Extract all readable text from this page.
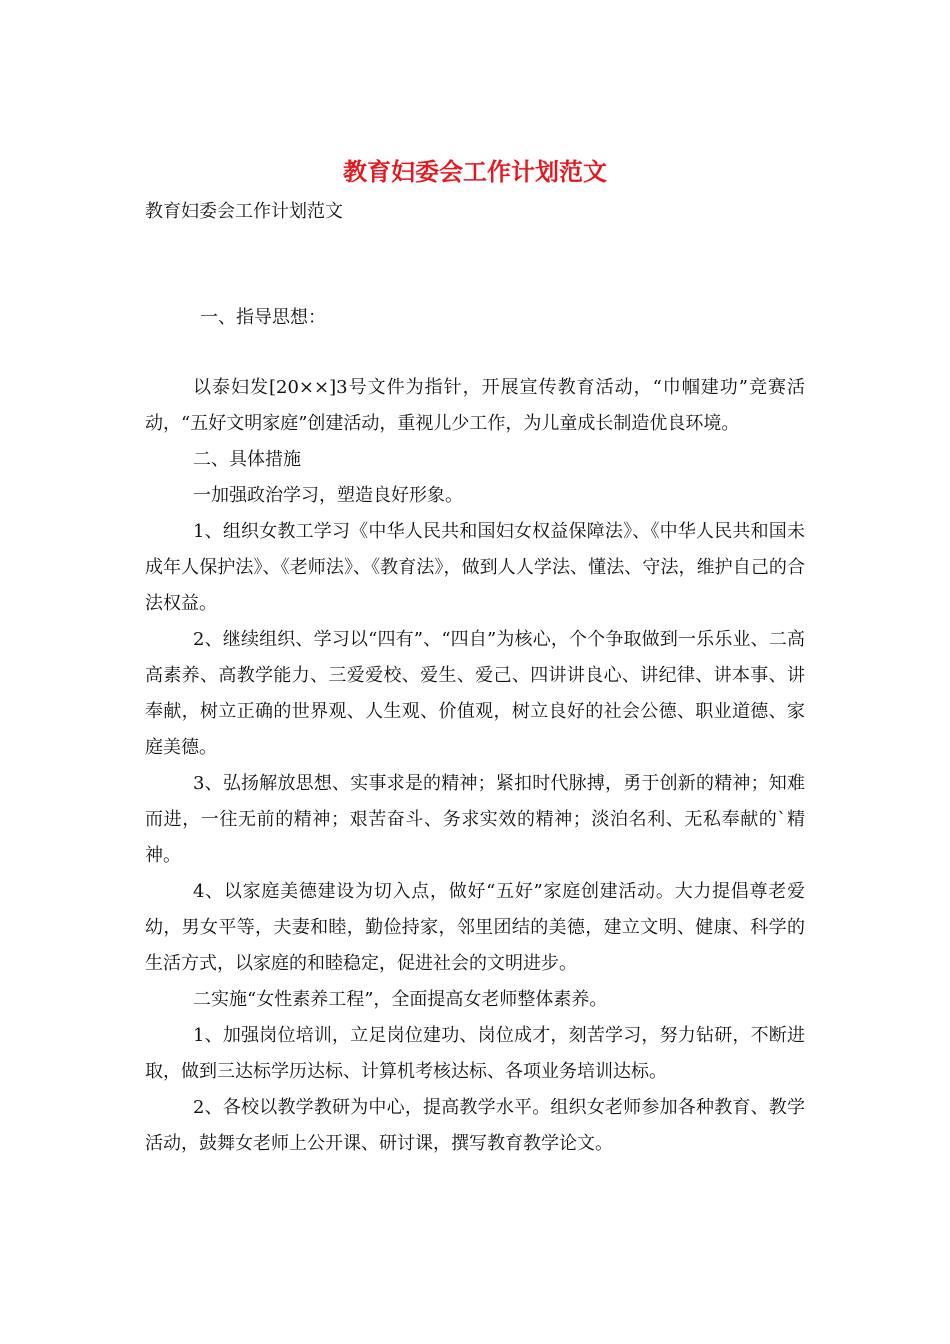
教育妇委会工作计划范文
教育妇委会工作计划范文
一、指导思想：

以泰妇发[20××]3号文件为指针，开展宣传教育活动，“巾帼建功”竞赛活动，“五好文明家庭”创建活动，重视儿少工作，为儿童成长制造优良环境。

二、具体措施

一加强政治学习，塑造良好形象。

1、组织女教工学习《中华人民共和国妇女权益保障法》、《中华人民共和国未成年人保护法》、《老师法》、《教育法》，做到人人学法、懂法、守法，维护自己的合法权益。

2、继续组织、学习以“四有”、“四自”为核心，个个争取做到一乐乐业、二高高素养、高教学能力、三爱爱校、爱生、爱己、四讲讲良心、讲纪律、讲本事、讲奉献，树立正确的世界观、人生观、价值观，树立良好的社会公德、职业道德、家庭美德。

3、弘扬解放思想、实事求是的精神；紧扣时代脉搏，勇于创新的精神；知难而进，一往无前的精神；艰苦奋斗、务求实效的精神；淡泊名利、无私奉献的`精神。

4、以家庭美德建设为切入点，做好“五好”家庭创建活动。大力提倡尊老爱幼，男女平等，夫妻和睦，勤俭持家，邻里团结的美德，建立文明、健康、科学的生活方式，以家庭的和睦稳定，促进社会的文明进步。

二实施“女性素养工程”，全面提高女老师整体素养。

1、加强岗位培训，立足岗位建功、岗位成才，刻苦学习，努力钻研，不断进取，做到三达标学历达标、计算机考核达标、各项业务培训达标。

2、各校以教学教研为中心，提高教学水平。组织女老师参加各种教育、教学活动，鼓舞女老师上公开课、研讨课，撰写教育教学论文。
